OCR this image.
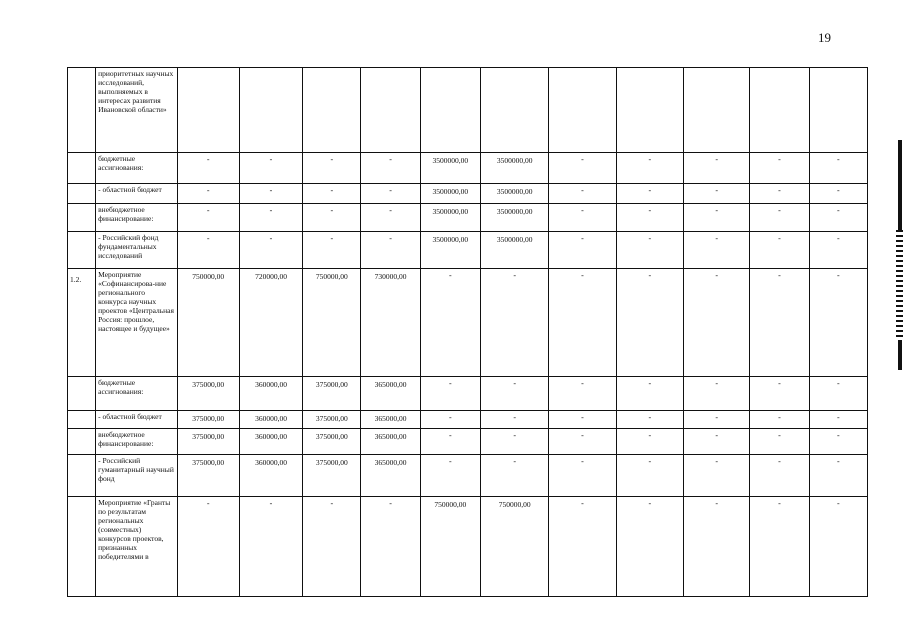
19
	приоритетных научных исследований, выполняемых в интересах развития Ивановской области»											
	бюджетные ассигнования:	-	-	-	-	3500000,00	3500000,00	-	-	-	-	-
	- областной бюджет	-	-	-	-	3500000,00	3500000,00	-	-	-	-	-
	внебюджетное финансирование:	-	-	-	-	3500000,00	3500000,00	-	-	-	-	-
	- Российский фонд фундаментальных исследований	-	-	-	-	3500000,00	3500000,00	-	-	-	-	-
1.2.	Мероприятие «Софинансирова-ние регионального конкурса научных проектов «Центральная Россия: прошлое, настоящее и будущее»	750000,00	720000,00	750000,00	730000,00	-	-	-	-	-	-	-
	бюджетные ассигнования:	375000,00	360000,00	375000,00	365000,00	-	-	-	-	-	-	-
	- областной бюджет	375000,00	360000,00	375000,00	365000,00	-	-	-	-	-	-	-
	внебюджетное финансирование:	375000,00	360000,00	375000,00	365000,00	-	-	-	-	-	-	-
	- Российский гуманитарный научный фонд	375000,00	360000,00	375000,00	365000,00	-	-	-	-	-	-	-
	Мероприятие «Гранты по результатам региональных (совместных) конкурсов проектов, признанных победителями в	-	-	-	-	750000,00	750000,00	-	-	-	-	-
